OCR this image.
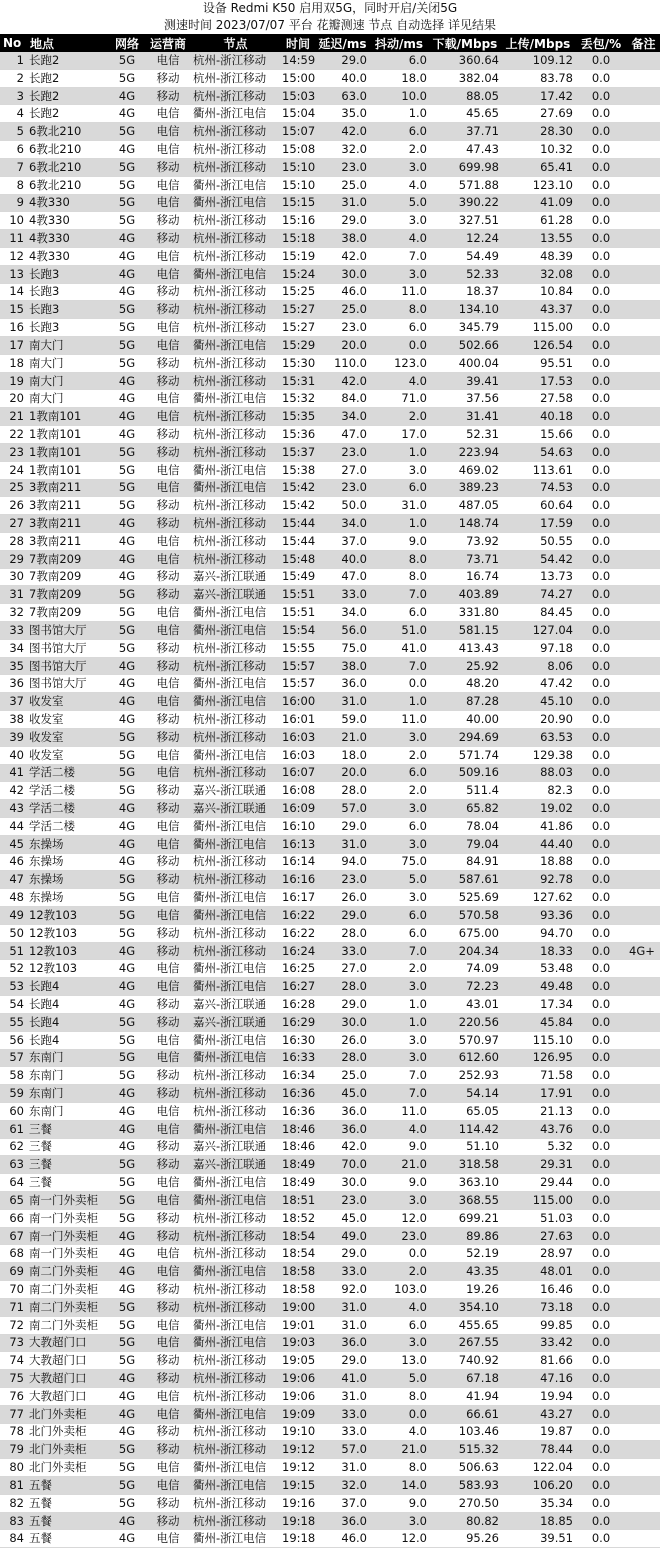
设备 Redmi K50 启用双5G，同时开启/关闭5G
测速时间 2023/07/07 平台 花瓣测速 节点 自动选择 详见结果
No	地点	网络	运营商	节点	时间	延迟/ms	抖动/ms	下载/Mbps	上传/Mbps	丢包/%	备注
1	长跑2	5G	电信	杭州-浙江移动	14:59	29.0	6.0	360.64	109.12	0.0	
2	长跑2	5G	移动	杭州-浙江移动	15:00	40.0	18.0	382.04	83.78	0.0	
3	长跑2	4G	移动	杭州-浙江移动	15:03	63.0	10.0	88.05	17.42	0.0	
4	长跑2	4G	电信	衢州-浙江电信	15:04	35.0	1.0	45.65	27.69	0.0	
5	6教北210	5G	电信	杭州-浙江移动	15:07	42.0	6.0	37.71	28.30	0.0	
6	6教北210	4G	电信	杭州-浙江移动	15:08	32.0	2.0	47.43	10.32	0.0	
7	6教北210	5G	移动	杭州-浙江移动	15:10	23.0	3.0	699.98	65.41	0.0	
8	6教北210	5G	电信	衢州-浙江电信	15:10	25.0	4.0	571.88	123.10	0.0	
9	4教330	5G	电信	衢州-浙江电信	15:15	31.0	5.0	390.22	41.09	0.0	
10	4教330	5G	移动	杭州-浙江移动	15:16	29.0	3.0	327.51	61.28	0.0	
11	4教330	4G	移动	杭州-浙江移动	15:18	38.0	4.0	12.24	13.55	0.0	
12	4教330	4G	电信	杭州-浙江移动	15:19	42.0	7.0	54.49	48.39	0.0	
13	长跑3	4G	电信	衢州-浙江电信	15:24	30.0	3.0	52.33	32.08	0.0	
14	长跑3	4G	移动	杭州-浙江移动	15:25	46.0	11.0	18.37	10.84	0.0	
15	长跑3	5G	移动	杭州-浙江移动	15:27	25.0	8.0	134.10	43.37	0.0	
16	长跑3	5G	电信	杭州-浙江移动	15:27	23.0	6.0	345.79	115.00	0.0	
17	南大门	5G	电信	衢州-浙江电信	15:29	20.0	0.0	502.66	126.54	0.0	
18	南大门	5G	移动	杭州-浙江移动	15:30	110.0	123.0	400.04	95.51	0.0	
19	南大门	4G	移动	杭州-浙江移动	15:31	42.0	4.0	39.41	17.53	0.0	
20	南大门	4G	电信	衢州-浙江电信	15:32	84.0	71.0	37.56	27.58	0.0	
21	1教南101	4G	电信	杭州-浙江移动	15:35	34.0	2.0	31.41	40.18	0.0	
22	1教南101	4G	移动	杭州-浙江移动	15:36	47.0	17.0	52.31	15.66	0.0	
23	1教南101	5G	移动	杭州-浙江移动	15:37	23.0	1.0	223.94	54.63	0.0	
24	1教南101	5G	电信	衢州-浙江电信	15:38	27.0	3.0	469.02	113.61	0.0	
25	3教南211	5G	电信	衢州-浙江电信	15:42	23.0	6.0	389.23	74.53	0.0	
26	3教南211	5G	移动	杭州-浙江移动	15:42	50.0	31.0	487.05	60.64	0.0	
27	3教南211	4G	移动	杭州-浙江移动	15:44	34.0	1.0	148.74	17.59	0.0	
28	3教南211	4G	电信	杭州-浙江移动	15:44	37.0	9.0	73.92	50.55	0.0	
29	7教南209	4G	电信	杭州-浙江移动	15:48	40.0	8.0	73.71	54.42	0.0	
30	7教南209	4G	移动	嘉兴-浙江联通	15:49	47.0	8.0	16.74	13.73	0.0	
31	7教南209	5G	移动	嘉兴-浙江联通	15:51	33.0	7.0	403.89	74.27	0.0	
32	7教南209	5G	电信	衢州-浙江电信	15:51	34.0	6.0	331.80	84.45	0.0	
33	图书馆大厅	5G	电信	衢州-浙江电信	15:54	56.0	51.0	581.15	127.04	0.0	
34	图书馆大厅	5G	移动	杭州-浙江移动	15:55	75.0	41.0	413.43	97.18	0.0	
35	图书馆大厅	4G	移动	杭州-浙江移动	15:57	38.0	7.0	25.92	8.06	0.0	
36	图书馆大厅	4G	电信	衢州-浙江电信	15:57	36.0	0.0	48.20	47.42	0.0	
37	收发室	4G	电信	衢州-浙江电信	16:00	31.0	1.0	87.28	45.10	0.0	
38	收发室	4G	移动	杭州-浙江移动	16:01	59.0	11.0	40.00	20.90	0.0	
39	收发室	5G	移动	杭州-浙江移动	16:03	21.0	3.0	294.69	63.53	0.0	
40	收发室	5G	电信	衢州-浙江电信	16:03	18.0	2.0	571.74	129.38	0.0	
41	学活二楼	5G	电信	杭州-浙江移动	16:07	20.0	6.0	509.16	88.03	0.0	
42	学活二楼	5G	移动	嘉兴-浙江联通	16:08	28.0	2.0	511.4	82.3	0.0	
43	学活二楼	4G	移动	嘉兴-浙江联通	16:09	57.0	3.0	65.82	19.02	0.0	
44	学活二楼	4G	电信	衢州-浙江电信	16:10	29.0	6.0	78.04	41.86	0.0	
45	东操场	4G	电信	衢州-浙江电信	16:13	31.0	3.0	79.04	44.40	0.0	
46	东操场	4G	移动	杭州-浙江移动	16:14	94.0	75.0	84.91	18.88	0.0	
47	东操场	5G	移动	杭州-浙江移动	16:16	23.0	5.0	587.61	92.78	0.0	
48	东操场	5G	电信	衢州-浙江电信	16:17	26.0	3.0	525.69	127.62	0.0	
49	12教103	5G	电信	衢州-浙江电信	16:22	29.0	6.0	570.58	93.36	0.0	
50	12教103	5G	移动	杭州-浙江移动	16:22	28.0	6.0	675.00	94.70	0.0	
51	12教103	4G	移动	杭州-浙江移动	16:24	33.0	7.0	204.34	18.33	0.0	4G+
52	12教103	4G	电信	衢州-浙江电信	16:25	27.0	2.0	74.09	53.48	0.0	
53	长跑4	4G	电信	衢州-浙江电信	16:27	28.0	3.0	72.23	49.48	0.0	
54	长跑4	4G	移动	嘉兴-浙江联通	16:28	29.0	1.0	43.01	17.34	0.0	
55	长跑4	5G	移动	嘉兴-浙江联通	16:29	30.0	1.0	220.56	45.84	0.0	
56	长跑4	5G	电信	衢州-浙江电信	16:30	26.0	3.0	570.97	115.10	0.0	
57	东南门	5G	电信	衢州-浙江电信	16:33	28.0	3.0	612.60	126.95	0.0	
58	东南门	5G	移动	杭州-浙江移动	16:34	25.0	7.0	252.93	71.58	0.0	
59	东南门	4G	移动	杭州-浙江移动	16:36	45.0	7.0	54.14	17.91	0.0	
60	东南门	4G	电信	杭州-浙江移动	16:36	36.0	11.0	65.05	21.13	0.0	
61	三餐	4G	电信	衢州-浙江电信	18:46	36.0	4.0	114.42	43.76	0.0	
62	三餐	4G	移动	嘉兴-浙江联通	18:46	42.0	9.0	51.10	5.32	0.0	
63	三餐	5G	移动	嘉兴-浙江联通	18:49	70.0	21.0	318.58	29.31	0.0	
64	三餐	5G	电信	衢州-浙江电信	18:49	30.0	9.0	363.10	29.44	0.0	
65	南一门外卖柜	5G	电信	衢州-浙江电信	18:51	23.0	3.0	368.55	115.00	0.0	
66	南一门外卖柜	5G	移动	杭州-浙江移动	18:52	45.0	12.0	699.21	51.03	0.0	
67	南一门外卖柜	4G	移动	杭州-浙江移动	18:54	49.0	23.0	89.86	27.63	0.0	
68	南一门外卖柜	4G	电信	杭州-浙江移动	18:54	29.0	0.0	52.19	28.97	0.0	
69	南二门外卖柜	4G	电信	衢州-浙江电信	18:58	33.0	2.0	43.35	48.01	0.0	
70	南二门外卖柜	4G	移动	杭州-浙江移动	18:58	92.0	103.0	19.26	16.46	0.0	
71	南二门外卖柜	5G	移动	杭州-浙江移动	19:00	31.0	4.0	354.10	73.18	0.0	
72	南二门外卖柜	5G	电信	衢州-浙江电信	19:01	31.0	6.0	455.65	99.85	0.0	
73	大教超门口	5G	电信	衢州-浙江电信	19:03	36.0	3.0	267.55	33.42	0.0	
74	大教超门口	5G	移动	杭州-浙江移动	19:05	29.0	13.0	740.92	81.66	0.0	
75	大教超门口	4G	移动	杭州-浙江移动	19:06	41.0	5.0	67.18	47.16	0.0	
76	大教超门口	4G	电信	杭州-浙江移动	19:06	31.0	8.0	41.94	19.94	0.0	
77	北门外卖柜	4G	电信	衢州-浙江电信	19:09	33.0	0.0	66.61	43.27	0.0	
78	北门外卖柜	4G	移动	杭州-浙江移动	19:10	33.0	4.0	103.46	19.87	0.0	
79	北门外卖柜	5G	移动	杭州-浙江移动	19:12	57.0	21.0	515.32	78.44	0.0	
80	北门外卖柜	5G	电信	衢州-浙江电信	19:12	31.0	8.0	506.63	122.04	0.0	
81	五餐	5G	电信	衢州-浙江电信	19:15	32.0	14.0	583.93	106.20	0.0	
82	五餐	5G	移动	杭州-浙江移动	19:16	37.0	9.0	270.50	35.34	0.0	
83	五餐	4G	移动	杭州-浙江移动	19:18	36.0	3.0	80.82	18.85	0.0	
84	五餐	4G	电信	衢州-浙江电信	19:18	46.0	12.0	95.26	39.51	0.0	
